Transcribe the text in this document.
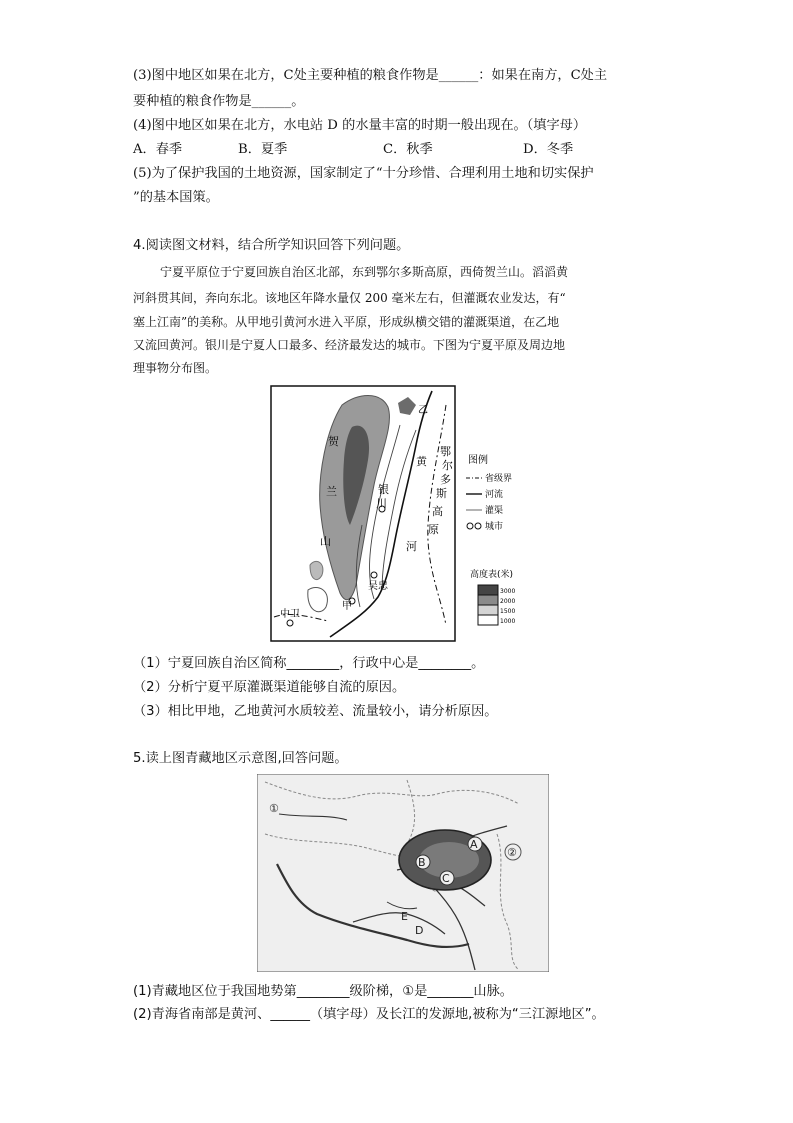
(3)图中地区如果在北方，C处主要种植的粮食作物是______：如果在南方，C处主
要种植的粮食作物是______。
(4)图中地区如果在北方，水电站 D 的水量丰富的时期一般出现在。（填字母）
A．春季	B．夏季	C．秋季	D．冬季
(5)为了保护我国的土地资源，国家制定了“十分珍惜、合理利用土地和切实保护
”的基本国策。
4.阅读图文材料，结合所学知识回答下列问题。
宁夏平原位于宁夏回族自治区北部，东到鄂尔多斯高原，西倚贺兰山。滔滔黄
河斜贯其间，奔向东北。该地区年降水量仅 200 毫米左右，但灌溉农业发达，有“
塞上江南”的美称。从甲地引黄河水进入平原，形成纵横交错的灌溉渠道，在乙地
又流回黄河。银川是宁夏人口最多、经济最发达的城市。下图为宁夏平原及周边地
理事物分布图。
贺
兰
山
黄
河
银
川
鄂
尔
多
斯
高
原
吴忠
甲
中卫
乙
图例
省级界
河流
灌渠
城市
高度表(米)
3000
2000
1500
1000
（1）宁夏回族自治区简称________，行政中心是________。
（2）分析宁夏平原灌溉渠道能够自流的原因。
（3）相比甲地，乙地黄河水质较差、流量较小，请分析原因。
5.读上图青藏地区示意图,回答问题。
①
②
A
B
C
D
E
(1)青藏地区位于我国地势第________级阶梯，①是_______山脉。
(2)青海省南部是黄河、______（填字母）及长江的发源地,被称为“三江源地区”。
